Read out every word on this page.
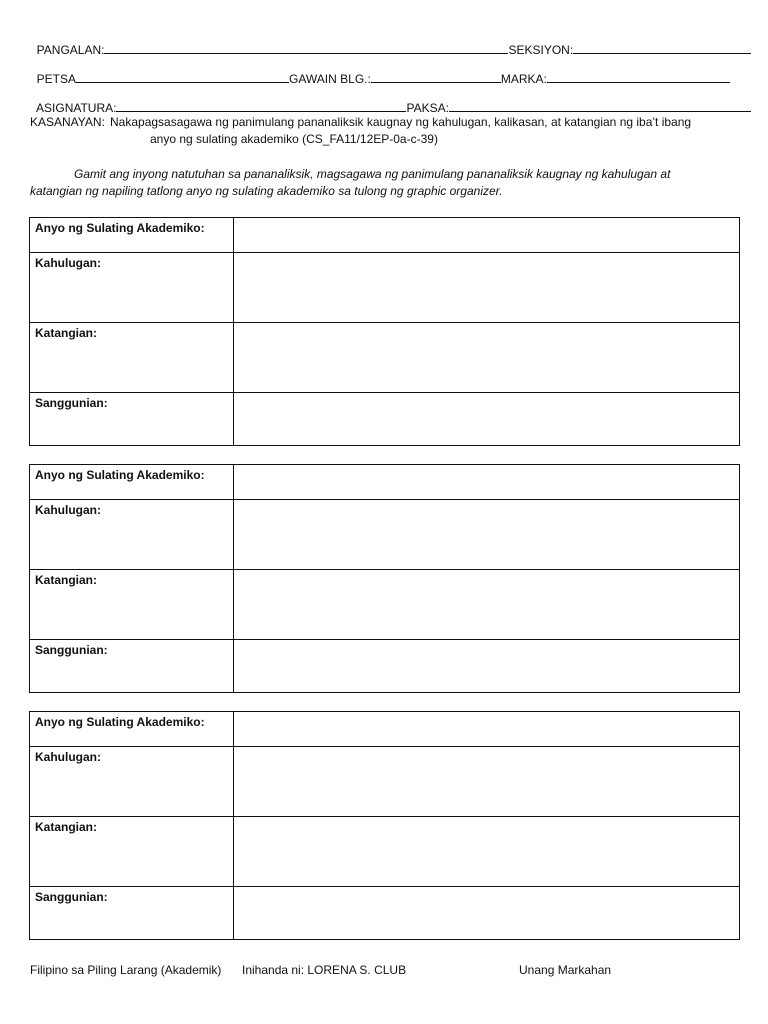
PANGALAN:	SEKSIYON:

PETSA	GAWAIN BLG.:	MARKA:

ASIGNATURA:	PAKSA:

KASANAYAN: Nakapagsasagawa ng panimulang pananaliksik kaugnay ng kahulugan, kalikasan, at katangian ng iba’t ibang
anyo ng sulating akademiko (CS_FA11/12EP-0a-c-39)
Gamit ang inyong natutuhan sa pananaliksik, magsagawa ng panimulang pananaliksik kaugnay ng kahulugan at
katangian ng napiling tatlong anyo ng sulating akademiko sa tulong ng graphic organizer.
Anyo ng Sulating Akademiko:	
Kahulugan:	
Katangian:	
Sanggunian:	
Anyo ng Sulating Akademiko:	
Kahulugan:	
Katangian:	
Sanggunian:	
Anyo ng Sulating Akademiko:	
Kahulugan:	
Katangian:	
Sanggunian:	
Filipino sa Piling Larang (Akademik) Inihanda ni: LORENA S. CLUB	Unang Markahan
